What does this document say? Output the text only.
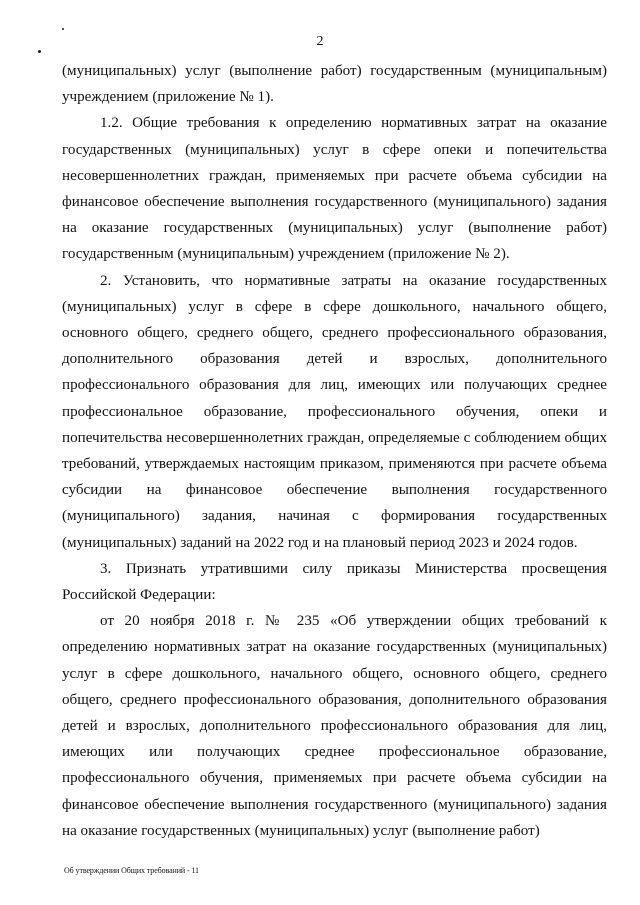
2

(муниципальных) услуг (выполнение работ) государственным (муниципальным) учреждением (приложение № 1).

1.2. Общие требования к определению нормативных затрат на оказание государственных (муниципальных) услуг в сфере опеки и попечительства несовершеннолетних граждан, применяемых при расчете объема субсидии на финансовое обеспечение выполнения государственного (муниципального) задания на оказание государственных (муниципальных) услуг (выполнение работ) государственным (муниципальным) учреждением (приложение № 2).

2. Установить, что нормативные затраты на оказание государственных (муниципальных) услуг в сфере в сфере дошкольного, начального общего, основного общего, среднего общего, среднего профессионального образования, дополнительного образования детей и взрослых, дополнительного профессионального образования для лиц, имеющих или получающих среднее профессиональное образование, профессионального обучения, опеки и попечительства несовершеннолетних граждан, определяемые с соблюдением общих требований, утверждаемых настоящим приказом, применяются при расчете объема субсидии на финансовое обеспечение выполнения государственного (муниципального) задания, начиная с формирования государственных (муниципальных) заданий на 2022 год и на плановый период 2023 и 2024 годов.

3. Признать утратившими силу приказы Министерства просвещения Российской Федерации:

от 20 ноября 2018 г. № 235 «Об утверждении общих требований к определению нормативных затрат на оказание государственных (муниципальных) услуг в сфере дошкольного, начального общего, основного общего, среднего общего, среднего профессионального образования, дополнительного образования детей и взрослых, дополнительного профессионального образования для лиц, имеющих или получающих среднее профессиональное образование, профессионального обучения, применяемых при расчете объема субсидии на финансовое обеспечение выполнения государственного (муниципального) задания на оказание государственных (муниципальных) услуг (выполнение работ)

Об утверждении Общих требований - 11
